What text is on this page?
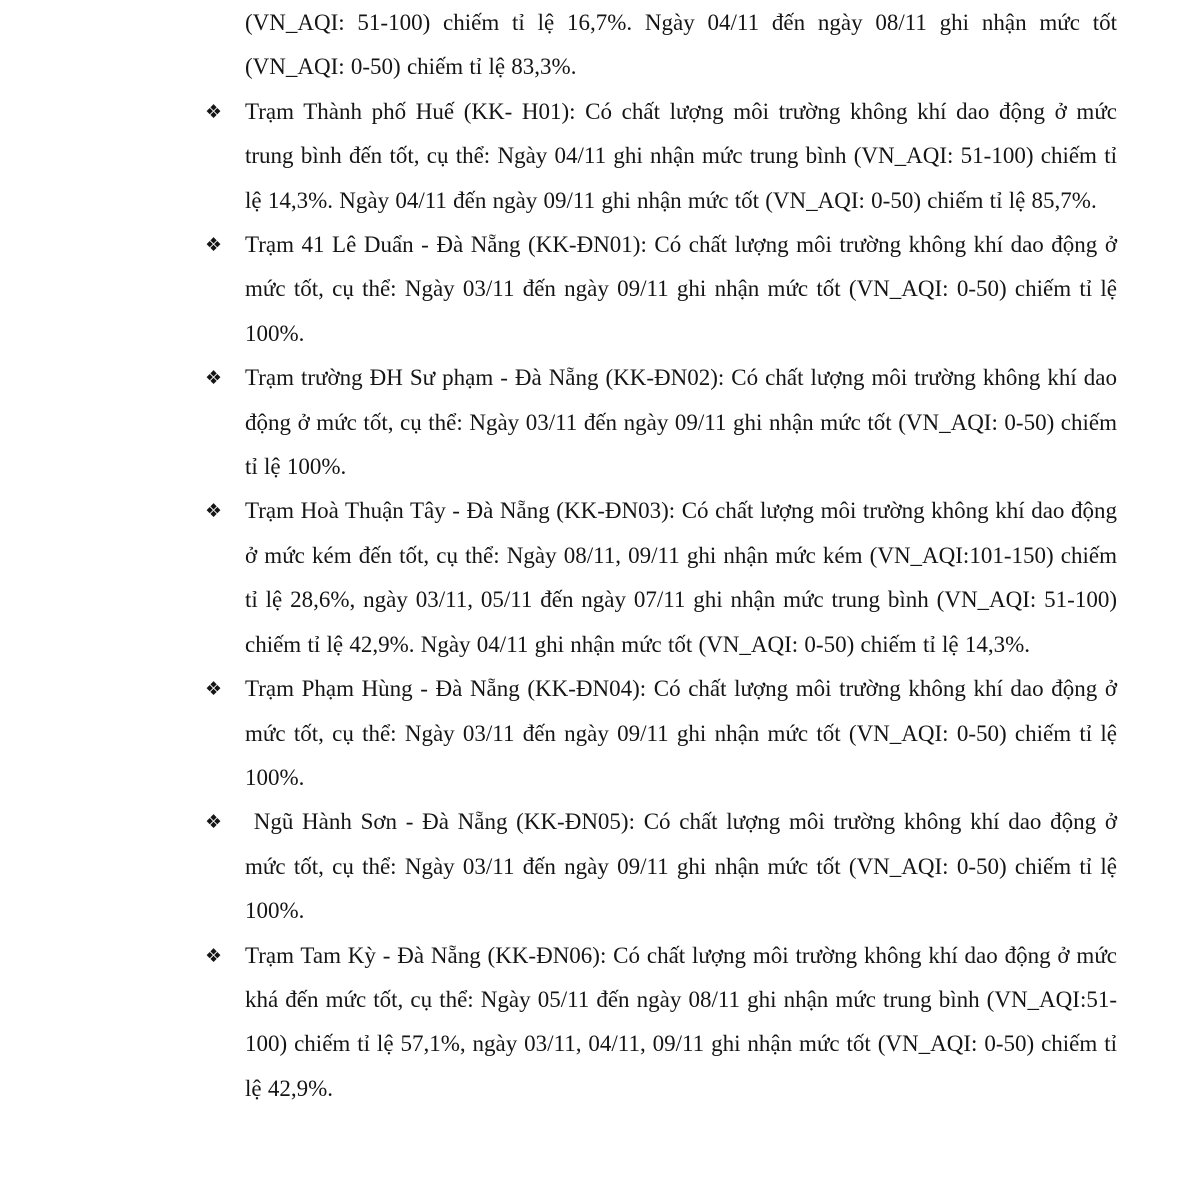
(VN_AQI: 51-100) chiếm tỉ lệ 16,7%. Ngày 04/11 đến ngày 08/11 ghi nhận mức tốt (VN_AQI: 0-50) chiếm tỉ lệ 83,3%.
❖ Trạm Thành phố Huế (KK- H01): Có chất lượng môi trường không khí dao động ở mức trung bình đến tốt, cụ thể: Ngày 04/11 ghi nhận mức trung bình (VN_AQI: 51-100) chiếm tỉ lệ 14,3%. Ngày 04/11 đến ngày 09/11 ghi nhận mức tốt (VN_AQI: 0-50) chiếm tỉ lệ 85,7%.
❖ Trạm 41 Lê Duẩn - Đà Nẵng (KK-ĐN01): Có chất lượng môi trường không khí dao động ở mức tốt, cụ thể: Ngày 03/11 đến ngày 09/11 ghi nhận mức tốt (VN_AQI: 0-50) chiếm tỉ lệ 100%.
❖ Trạm trường ĐH Sư phạm - Đà Nẵng (KK-ĐN02): Có chất lượng môi trường không khí dao động ở mức tốt, cụ thể: Ngày 03/11 đến ngày 09/11 ghi nhận mức tốt (VN_AQI: 0-50) chiếm tỉ lệ 100%.
❖ Trạm Hoà Thuận Tây - Đà Nẵng (KK-ĐN03): Có chất lượng môi trường không khí dao động ở mức kém đến tốt, cụ thể: Ngày 08/11, 09/11 ghi nhận mức kém (VN_AQI:101-150) chiếm tỉ lệ 28,6%, ngày 03/11, 05/11 đến ngày 07/11 ghi nhận mức trung bình (VN_AQI: 51-100) chiếm tỉ lệ 42,9%. Ngày 04/11 ghi nhận mức tốt (VN_AQI: 0-50) chiếm tỉ lệ 14,3%.
❖ Trạm Phạm Hùng - Đà Nẵng (KK-ĐN04): Có chất lượng môi trường không khí dao động ở mức tốt, cụ thể: Ngày 03/11 đến ngày 09/11 ghi nhận mức tốt (VN_AQI: 0-50) chiếm tỉ lệ 100%.
❖ Ngũ Hành Sơn - Đà Nẵng (KK-ĐN05): Có chất lượng môi trường không khí dao động ở mức tốt, cụ thể: Ngày 03/11 đến ngày 09/11 ghi nhận mức tốt (VN_AQI: 0-50) chiếm tỉ lệ 100%.
❖ Trạm Tam Kỳ - Đà Nẵng (KK-ĐN06): Có chất lượng môi trường không khí dao động ở mức khá đến mức tốt, cụ thể: Ngày 05/11 đến ngày 08/11 ghi nhận mức trung bình (VN_AQI:51-100) chiếm tỉ lệ 57,1%, ngày 03/11, 04/11, 09/11 ghi nhận mức tốt (VN_AQI: 0-50) chiếm tỉ lệ 42,9%.
